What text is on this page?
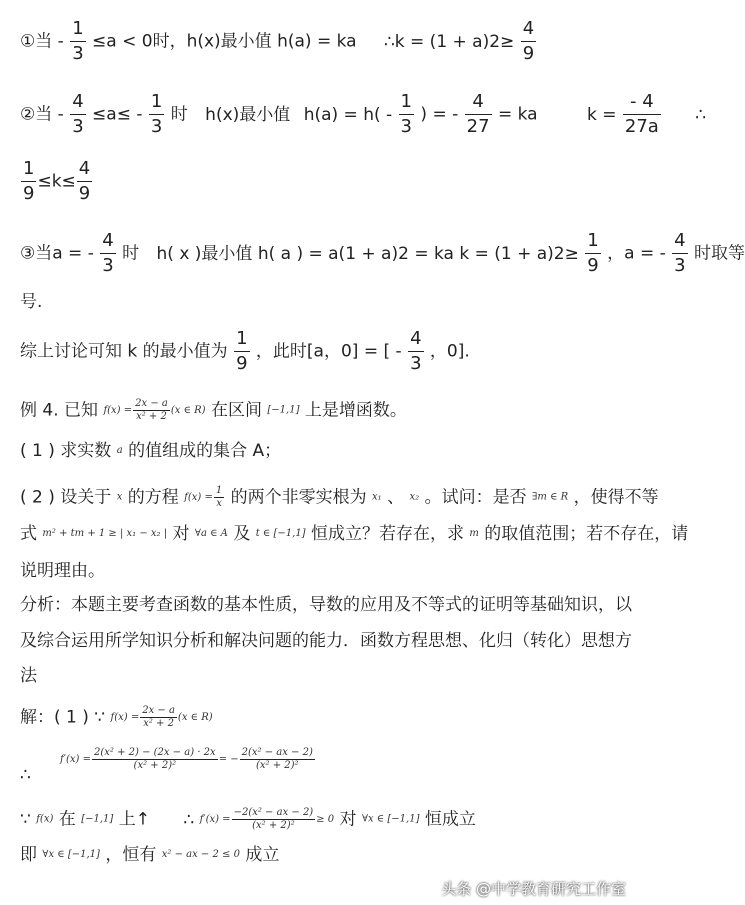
①当 - $\frac{1}{3} \le a < 0$时，h(x)最小值 h(a) = ka ∴k = $(1 + a)2\ge \frac{4}{9}$
②当 - $\frac{4}{3} \le a\le - \frac{1}{3}$ 时 h(x)最小值 $h(a) = h( - \frac{1}{3}$ ) = - $\frac{4}{27}$ = ka	$k = \frac{- 4}{27a}$ ∴
$\frac{1}{9} \le k\le \frac{4}{9}$
③当a = - $\frac{4}{3}$ 时 h( x )最小值 h( a ) = a(1 + a)2 = ka $k = (1 + a)2\ge \frac{1}{9}$ ，a = - $\frac{4}{3}$ 时取等
号.
综上讨论可知 k 的最小值为 $\frac{1}{9}$ ，此时[a，0] = [ - $\frac{4}{3}$ ，0].
例 4. 已知 $f(x) = \frac{2x - a}{\text{x² + 2}} (x$ ∈ R) 在区间 [−1,1] 上是增函数。
( 1 ) 求实数 a 的值组成的集合 A；
( 2 ) 设关于 x 的方程 $f(x) = \frac{1}{x}$ 的两个非零实根为 x₁ 、 x₂ 。试问：是否 ∃m ∈ R ，使得不等
式 m² + tm + 1 ≥ | x₁ − x₂ | 对 ∀a ∈ A 及 t ∈ [−1,1] 恒成立？若存在，求 m 的取值范围；若不存在，请
说明理由。
分析：本题主要考查函数的基本性质，导数的应用及不等式的证明等基础知识，以
及综合运用所学知识分析和解决问题的能力．函数方程思想、化归（转化）思想方
法
解：( 1 ) ∵ $f(x) = \frac{2x - a}{\text{x² + 2}} (x$ ∈ R)
$f'(x) = \frac{\text{2(x² + 2) − (2x − a) · 2x}}{\text{(x² + 2)²}}$ = − $\frac{\text{2(x² − ax − 2)}}{\text{(x² + 2)²}}$
∴
∵ f(x) 在 [−1,1] 上↑ ∴ $f'(x) = \frac{\text{−2(x² − ax − 2)}}{\text{(x² + 2)²}} \ge 0$ 对 ∀x ∈ [−1,1] 恒成立
即 ∀x ∈ [−1,1] ，恒有 x² − ax − 2 ≤ 0 成立
头条 @中学教育研究工作室
